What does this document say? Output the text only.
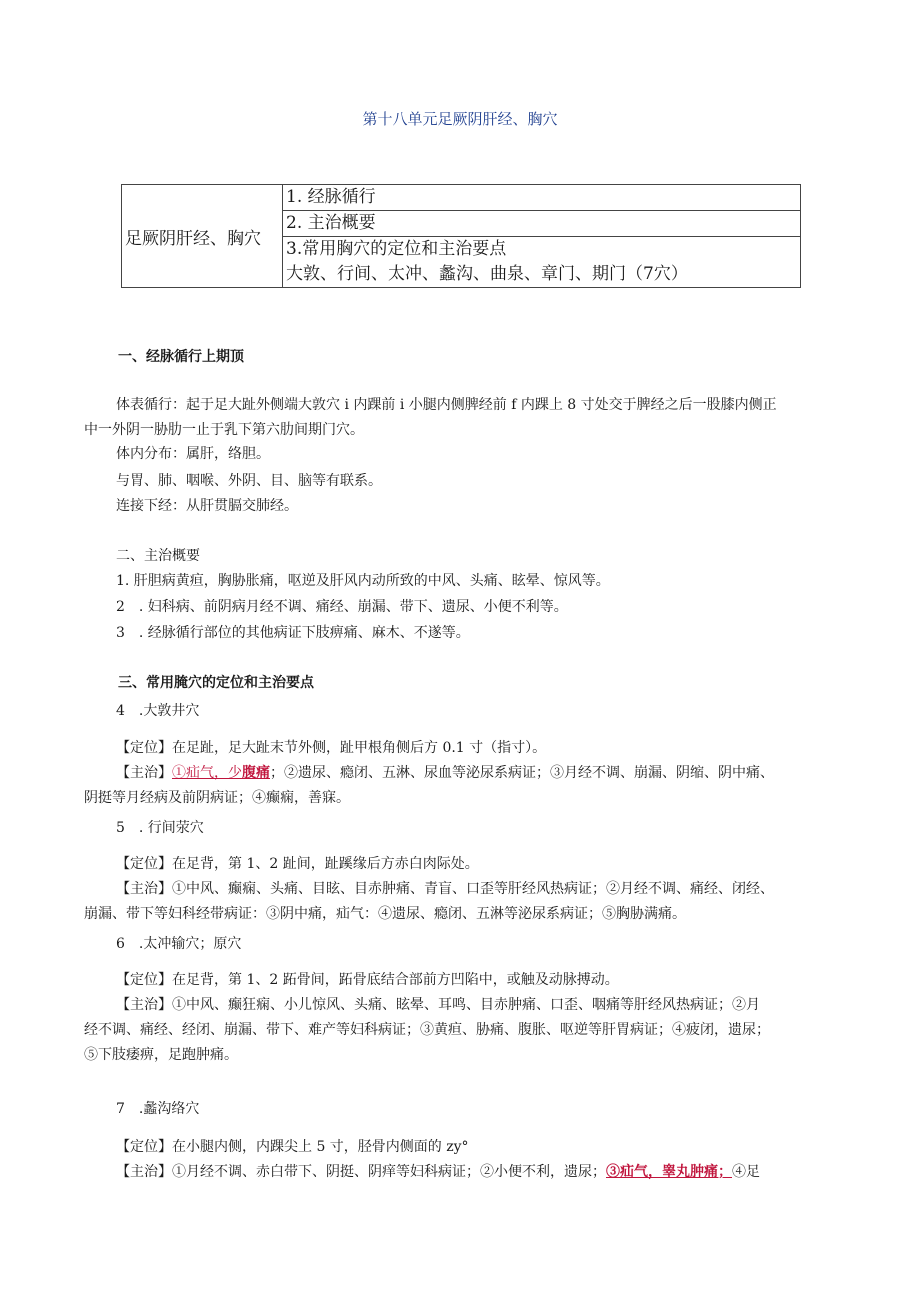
第十八单元足厥阴肝经、胸穴
足厥阴肝经、胸穴	1. 经脉循行
2. 主治概要
3.常用胸穴的定位和主治要点
大敦、行间、太冲、蠡沟、曲泉、章门、期门（7穴）
一、经脉循行上期顶
体表循行：起于足大趾外侧端大敦穴 i 内踝前 i 小腿内侧脾经前 f 内踝上 8 寸处交于脾经之后一股膝内侧正
中一外阴一胁肋一止于乳下第六肋间期门穴。
体内分布：属肝，络胆。
与胃、肺、咽喉、外阴、目、脑等有联系。
连接下经：从肝贯膈交肺经。
二、主治概要
1. 肝胆病黄疸，胸胁胀痛，呕逆及肝风内动所致的中风、头痛、眩晕、惊风等。
2　. 妇科病、前阴病月经不调、痛经、崩漏、带下、遗尿、小便不利等。
3　. 经脉循行部位的其他病证下肢痹痛、麻木、不遂等。
三、常用腌穴的定位和主治要点
4　.大敦井穴
【定位】在足趾，足大趾末节外侧，趾甲根角侧后方 0.1 寸（指寸）。
【主治】①疝气，少腹痛；②遗尿、瘾闭、五淋、尿血等泌尿系病证；③月经不调、崩漏、阴缩、阴中痛、
阴挺等月经病及前阴病证；④癫痫，善寐。
5　. 行间荥穴
【定位】在足背，第 1、2 趾间，趾蹊缘后方赤白肉际处。
【主治】①中风、癫痫、头痛、目眩、目赤肿痛、青盲、口歪等肝经风热病证；②月经不调、痛经、闭经、
崩漏、带下等妇科经带病证：③阴中痛，疝气：④遗尿、瘾闭、五淋等泌尿系病证；⑤胸胁满痛。
6　.太冲输穴；原穴
【定位】在足背，第 1、2 跖骨间，跖骨底结合部前方凹陷中，或触及动脉搏动。
【主治】①中风、癫狂痫、小儿惊风、头痛、眩晕、耳鸣、目赤肿痛、口歪、咽痛等肝经风热病证；②月
经不调、痛经、经闭、崩漏、带下、难产等妇科病证；③黄疸、胁痛、腹胀、呕逆等肝胃病证；④疲闭，遗尿；
⑤下肢痿痹，足跑肿痛。
7　.蠡沟络穴
【定位】在小腿内侧，内踝尖上 5 寸，胫骨内侧面的 zy°
【主治】①月经不调、赤白带下、阴挺、阴痒等妇科病证；②小便不利，遗尿；③疝气，睾丸肿痛；④足
